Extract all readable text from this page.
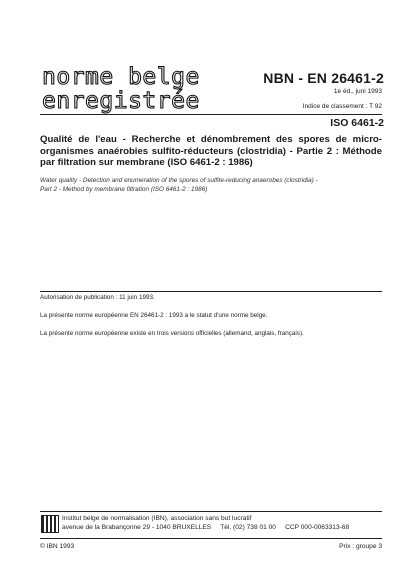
norme belge
enregistrée
NBN - EN 26461-2
1e éd., juni 1993
Indice de classement : T 92
ISO 6461-2
Qualité de l'eau - Recherche et dénombrement des spores de micro-organismes anaérobies sulfito-réducteurs (clostridia) - Partie 2 : Méthode par filtration sur membrane (ISO 6461-2 : 1986)
Water quality - Detection and enumeration of the spores of sulfite-reducing anaerobes (clostridia) -
Part 2 - Method by membrane filtration (ISO 6461-2 : 1986)
Autorisation de publication : 11 juin 1993.
La présente norme européenne EN 26461-2 : 1993 a le statut d'une norme belge.
La présente norme européenne existe en trois versions officielles (allemand, anglais, français).
Institut belge de normalisation (IBN), association sans but lucratif
avenue de la Brabançonne 29 - 1040 BRUXELLES     Tél. (02) 738 01 00     CCP 000-0063313-68
© IBN 1993	Prix : groupe 3
